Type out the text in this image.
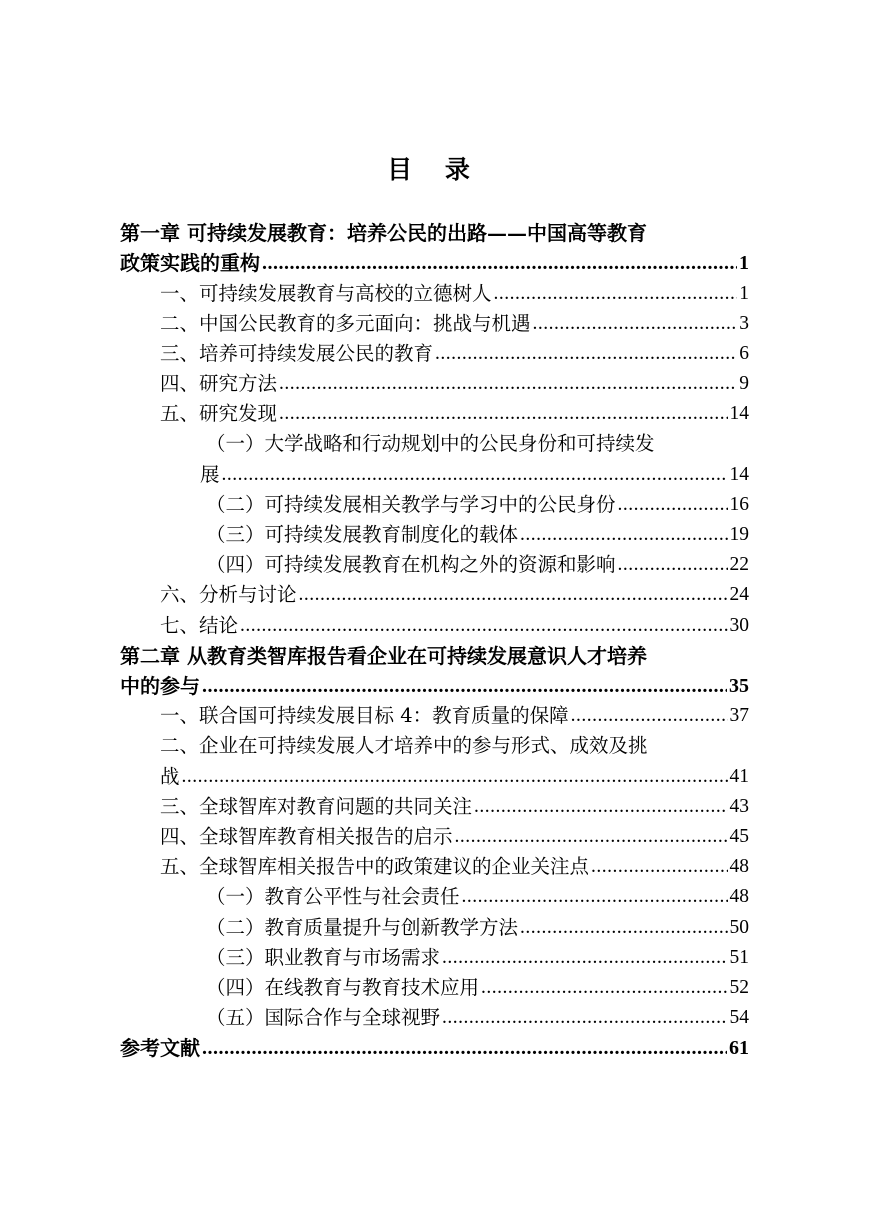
目 录
第一章 可持续发展教育：培养公民的出路——中国高等教育
政策实践的重构 .....	1
一、可持续发展教育与高校的立德树人 .....	1
二、中国公民教育的多元面向：挑战与机遇 .....	3
三、培养可持续发展公民的教育 .....	6
四、研究方法 .....	9
五、研究发现 .....	14
（一）大学战略和行动规划中的公民身份和可持续发
展 .....	14
（二）可持续发展相关教学与学习中的公民身份 .....	16
（三）可持续发展教育制度化的载体 .....	19
（四）可持续发展教育在机构之外的资源和影响 .....	22
六、分析与讨论 .....	24
七、结论 .....	30
第二章 从教育类智库报告看企业在可持续发展意识人才培养
中的参与 .....	35
一、联合国可持续发展目标 4：教育质量的保障 .....	37
二、企业在可持续发展人才培养中的参与形式、成效及挑
战 .....	41
三、全球智库对教育问题的共同关注 .....	43
四、全球智库教育相关报告的启示 .....	45
五、全球智库相关报告中的政策建议的企业关注点 .....	48
（一）教育公平性与社会责任 .....	48
（二）教育质量提升与创新教学方法 .....	50
（三）职业教育与市场需求 .....	51
（四）在线教育与教育技术应用 .....	52
（五）国际合作与全球视野 .....	54
参考文献 .....	61
